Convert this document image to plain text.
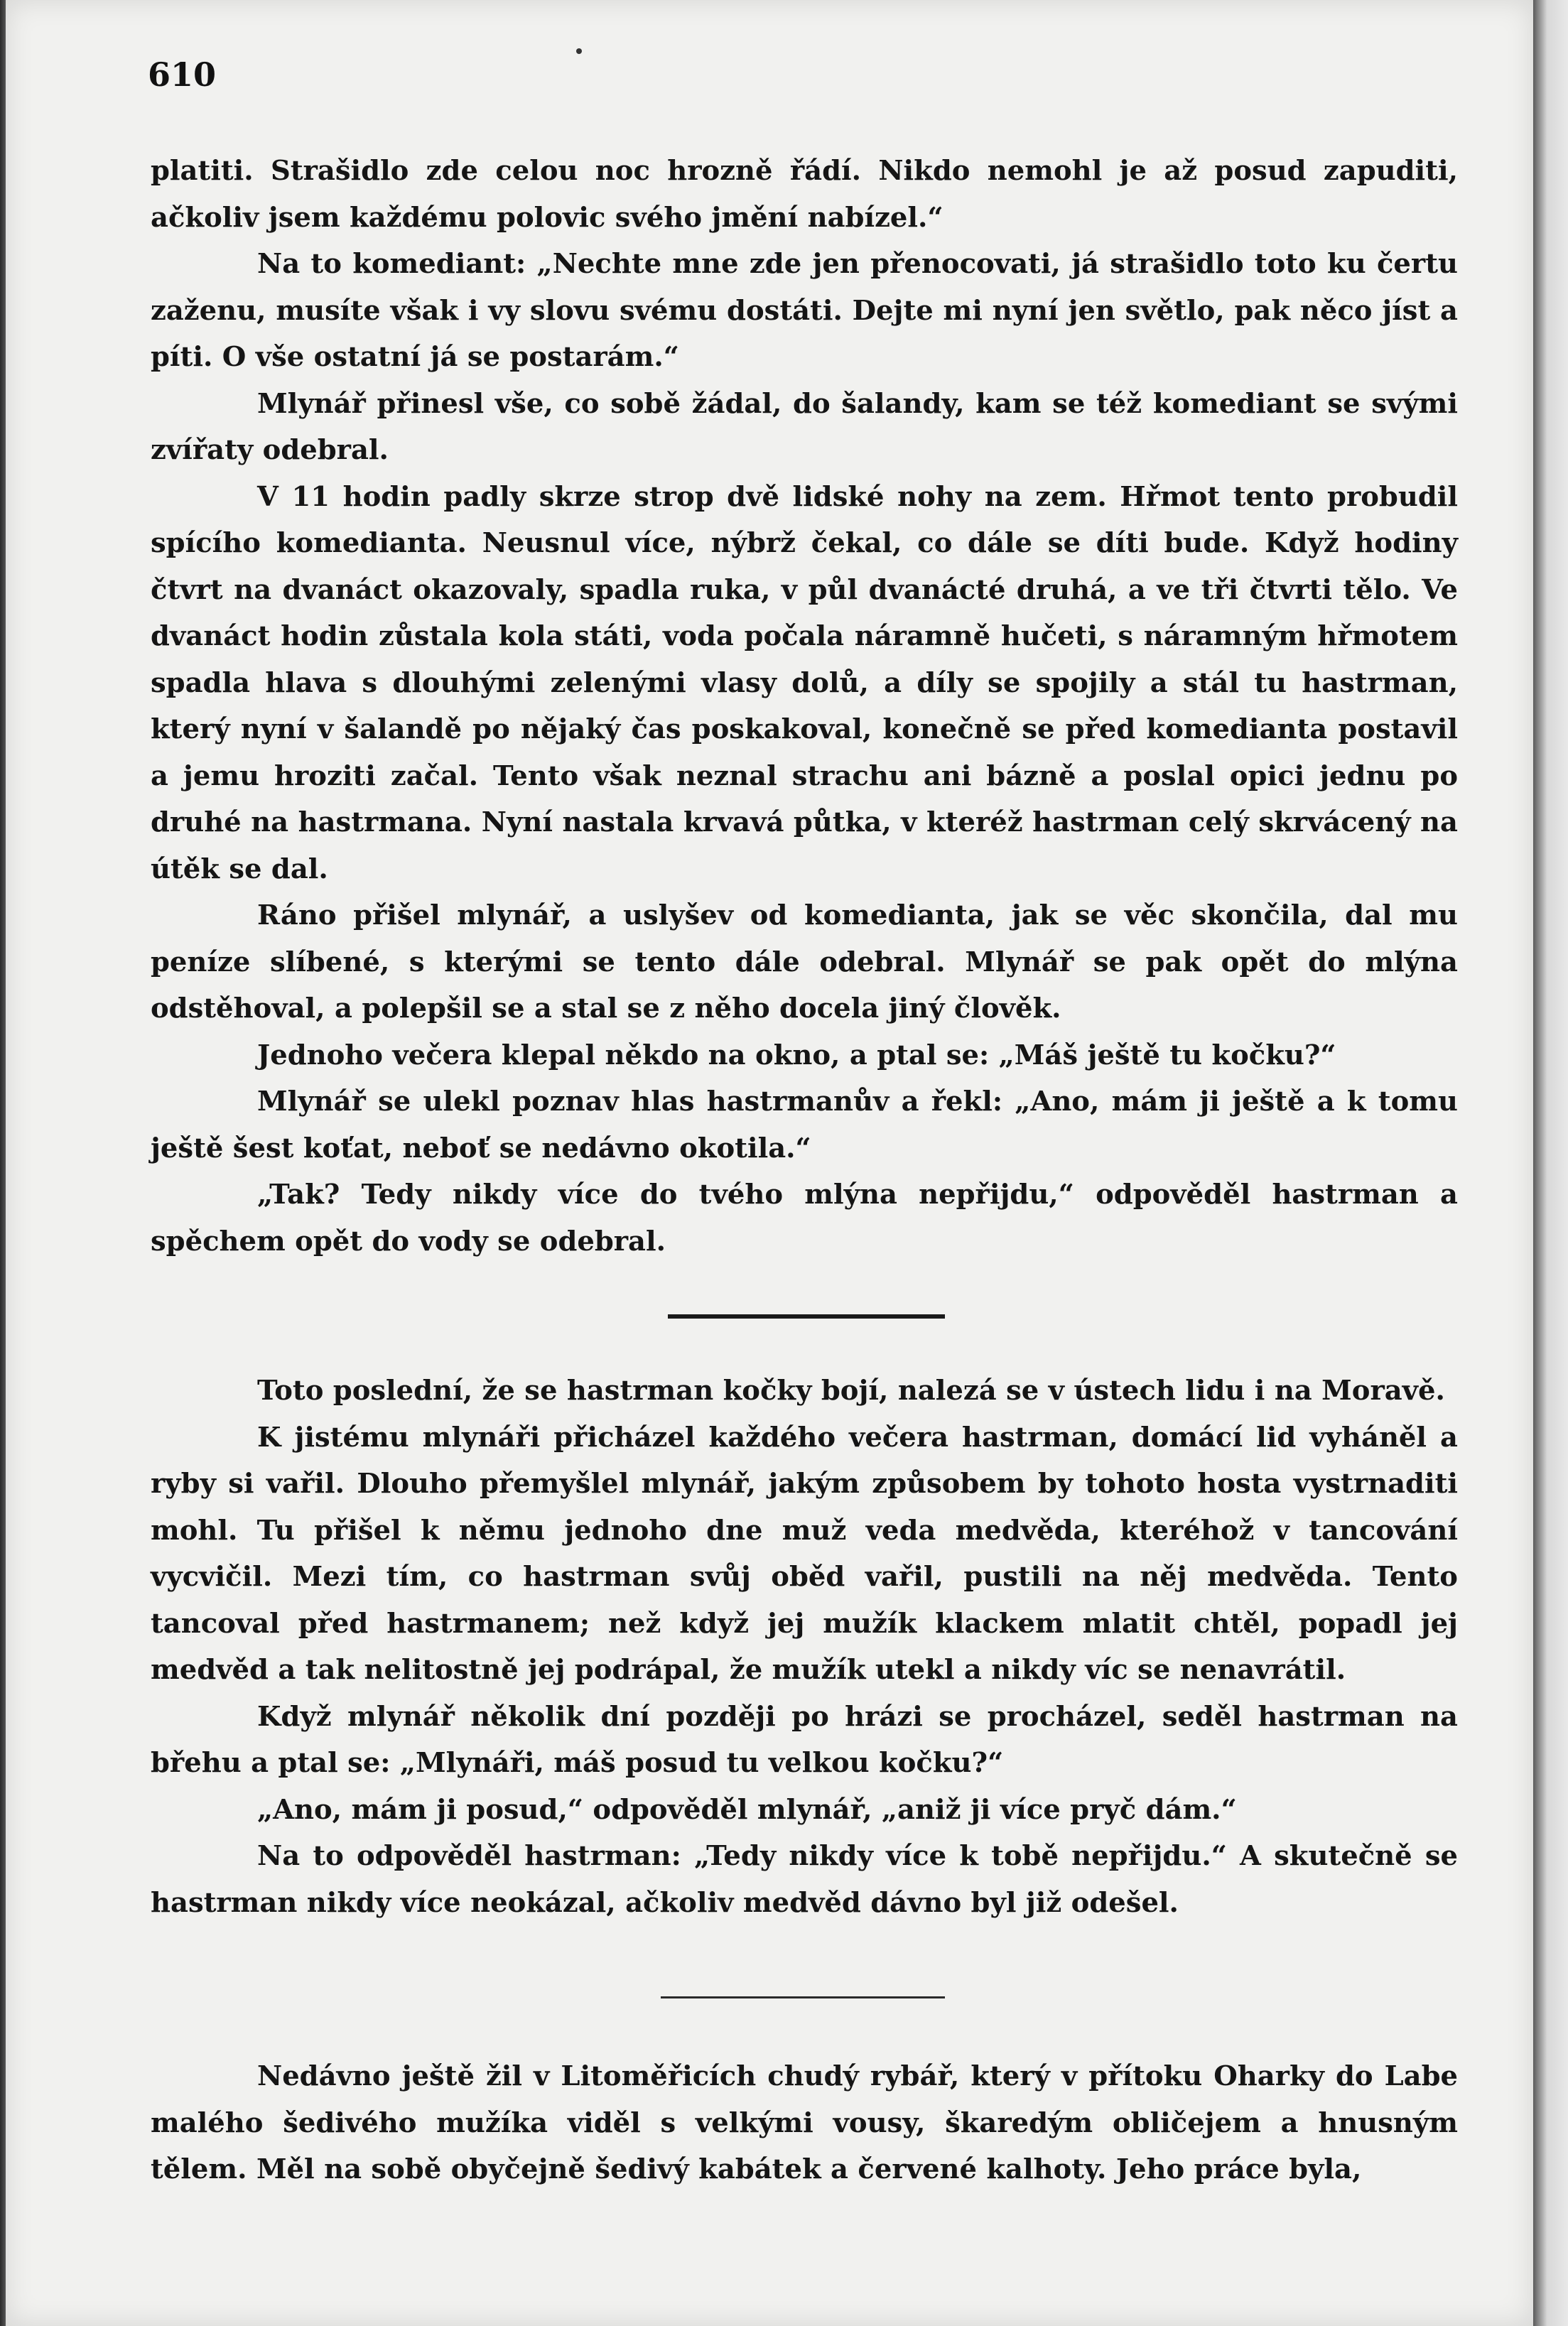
610

platiti. Strašidlo zde celou noc hrozně řádí. Nikdo nemohl je až posud zapuditi, ačkoliv jsem každému polovic svého jmění nabízel.“

Na to komediant: „Nechte mne zde jen přenocovati, já strašidlo toto ku čertu zaženu, musíte však i vy slovu svému dostáti. Dejte mi nyní jen světlo, pak něco jíst a píti. O vše ostatní já se postarám.“

Mlynář přinesl vše, co sobě žádal, do šalandy, kam se též komediant se svými zvířaty odebral.

V 11 hodin padly skrze strop dvě lidské nohy na zem. Hřmot tento probudil spícího komedianta. Neusnul více, nýbrž čekal, co dále se díti bude. Když hodiny čtvrt na dvanáct okazovaly, spadla ruka, v půl dvanácté druhá, a ve tři čtvrti tělo. Ve dvanáct hodin zůstala kola státi, voda počala náramně hučeti, s náramným hřmotem spadla hlava s dlouhými zelenými vlasy dolů, a díly se spojily a stál tu hastrman, který nyní v šalandě po nějaký čas poskakoval, konečně se před komedianta postavil a jemu hroziti začal. Tento však neznal strachu ani bázně a poslal opici jednu po druhé na hastrmana. Nyní nastala krvavá půtka, v kteréž hastrman celý skrvácený na útěk se dal.

Ráno přišel mlynář, a uslyšev od komedianta, jak se věc skončila, dal mu peníze slíbené, s kterými se tento dále odebral. Mlynář se pak opět do mlýna odstěhoval, a polepšil se a stal se z něho docela jiný člověk.

Jednoho večera klepal někdo na okno, a ptal se: „Máš ještě tu kočku?“

Mlynář se ulekl poznav hlas hastrmanův a řekl: „Ano, mám ji ještě a k tomu ještě šest koťat, neboť se nedávno okotila.“

„Tak? Tedy nikdy více do tvého mlýna nepřijdu,“ odpověděl hastrman a spěchem opět do vody se odebral.

Toto poslední, že se hastrman kočky bojí, nalezá se v ústech lidu i na Moravě.

K jistému mlynáři přicházel každého večera hastrman, domácí lid vyháněl a ryby si vařil. Dlouho přemyšlel mlynář, jakým způsobem by tohoto hosta vystrnaditi mohl. Tu přišel k němu jednoho dne muž veda medvěda, kteréhož v tancování vycvičil. Mezi tím, co hastrman svůj oběd vařil, pustili na něj medvěda. Tento tancoval před hastrmanem; než když jej mužík klackem mlatit chtěl, popadl jej medvěd a tak nelitostně jej podrápal, že mužík utekl a nikdy víc se nenavrátil.

Když mlynář několik dní později po hrázi se procházel, seděl hastrman na břehu a ptal se: „Mlynáři, máš posud tu velkou kočku?“

„Ano, mám ji posud,“ odpověděl mlynář, „aniž ji více pryč dám.“

Na to odpověděl hastrman: „Tedy nikdy více k tobě nepřijdu.“ A skutečně se hastrman nikdy více neokázal, ačkoliv medvěd dávno byl již odešel.

Nedávno ještě žil v Litoměřicích chudý rybář, který v přítoku Oharky do Labe malého šedivého mužíka viděl s velkými vousy, škaredým obličejem a hnusným tělem. Měl na sobě obyčejně šedivý kabátek a červené kalhoty. Jeho práce byla,
